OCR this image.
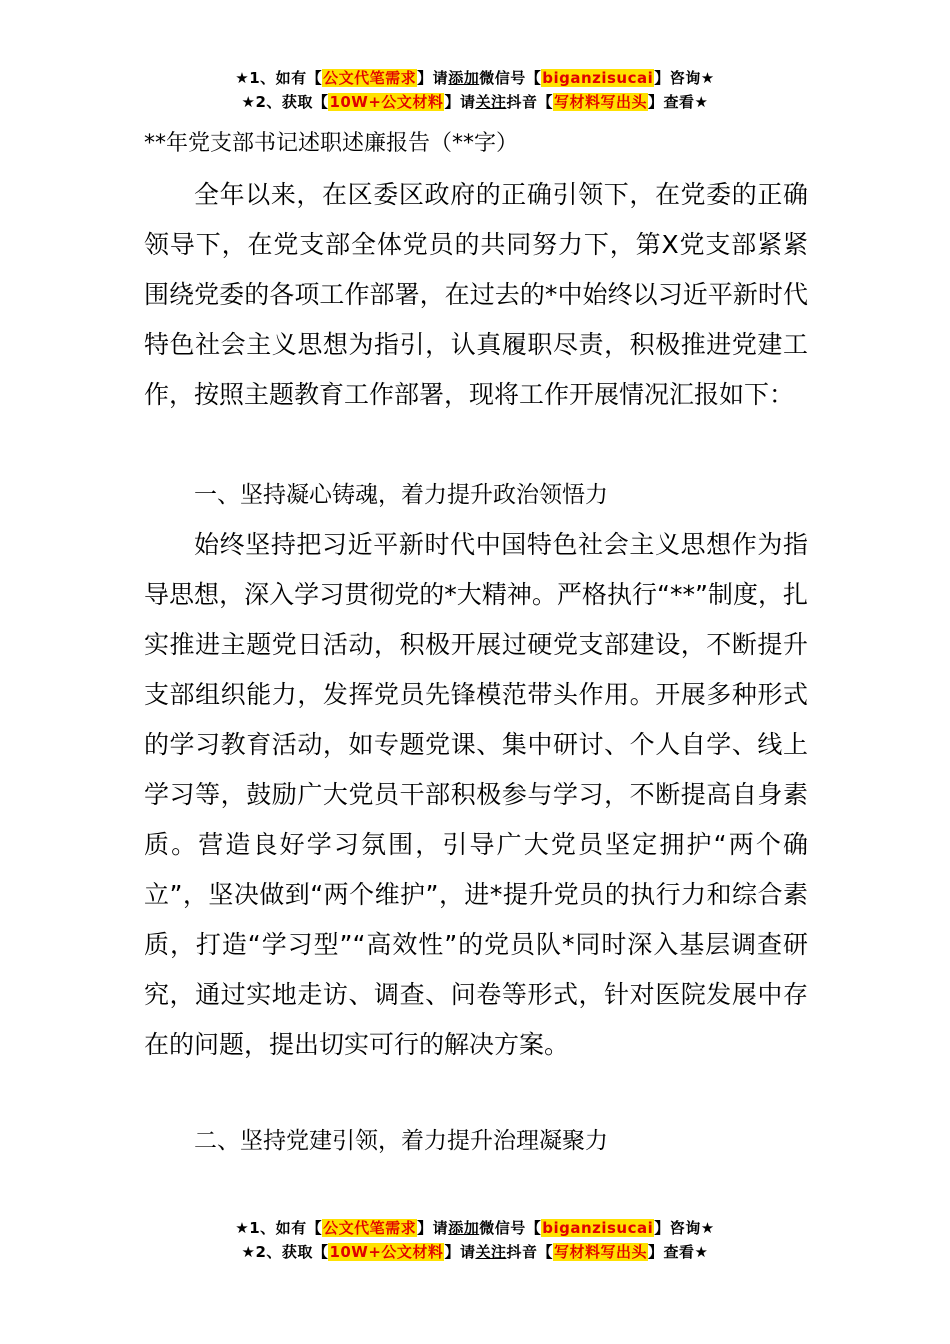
★1、如有【公文代笔需求】请添加微信号【biganzisucai】咨询★
★2、获取【10W+公文材料】请关注抖音【写材料写出头】查看★
**年党支部书记述职述廉报告（**字）

全年以来，在区委区政府的正确引领下，在党委的正确领导下，在党支部全体党员的共同努力下，第X党支部紧紧围绕党委的各项工作部署，在过去的*中始终以习近平新时代特色社会主义思想为指引，认真履职尽责，积极推进党建工作，按照主题教育工作部署，现将工作开展情况汇报如下：

一、坚持凝心铸魂，着力提升政治领悟力

始终坚持把习近平新时代中国特色社会主义思想作为指导思想，深入学习贯彻党的*大精神。严格执行“**”制度，扎实推进主题党日活动，积极开展过硬党支部建设，不断提升支部组织能力，发挥党员先锋模范带头作用。开展多种形式的学习教育活动，如专题党课、集中研讨、个人自学、线上学习等，鼓励广大党员干部积极参与学习，不断提高自身素质。营造良好学习氛围，引导广大党员坚定拥护“两个确立”，坚决做到“两个维护”，进*提升党员的执行力和综合素质，打造“学习型”“高效性”的党员队*同时深入基层调查研究，通过实地走访、调查、问卷等形式，针对医院发展中存在的问题，提出切实可行的解决方案。

二、坚持党建引领，着力提升治理凝聚力

★1、如有【公文代笔需求】请添加微信号【biganzisucai】咨询★
★2、获取【10W+公文材料】请关注抖音【写材料写出头】查看★
